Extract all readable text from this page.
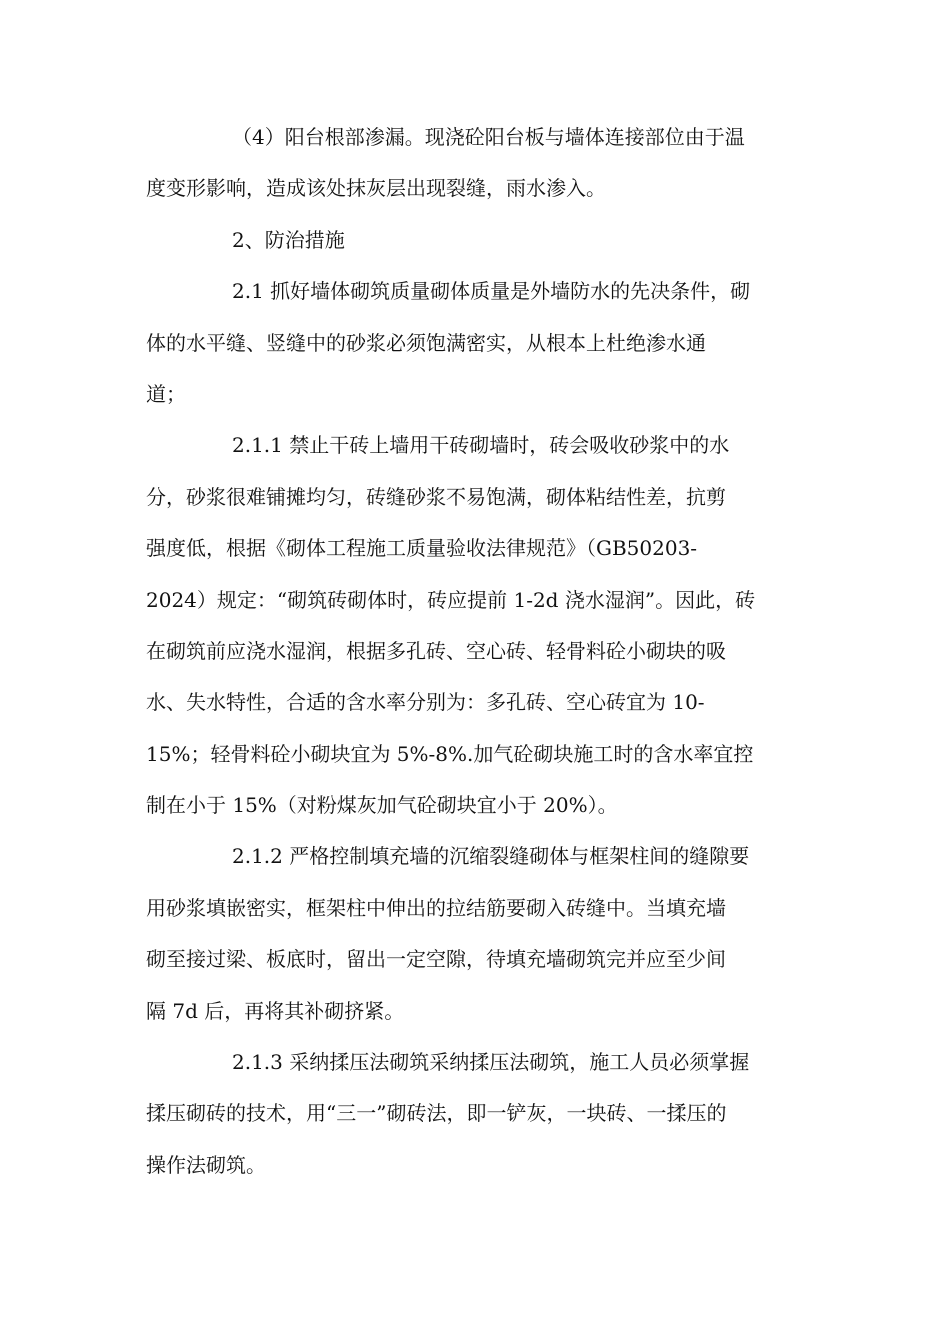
（4）阳台根部渗漏。现浇砼阳台板与墙体连接部位由于温
度变形影响，造成该处抹灰层出现裂缝，雨水渗入。
2、防治措施
2.1 抓好墙体砌筑质量砌体质量是外墙防水的先决条件，砌
体的水平缝、竖缝中的砂浆必须饱满密实，从根本上杜绝渗水通
道；
2.1.1 禁止干砖上墙用干砖砌墙时，砖会吸收砂浆中的水
分，砂浆很难铺摊均匀，砖缝砂浆不易饱满，砌体粘结性差，抗剪
强度低，根据《砌体工程施工质量验收法律规范》（GB50203-
2024）规定：“砌筑砖砌体时，砖应提前 1-2d 浇水湿润”。因此，砖
在砌筑前应浇水湿润，根据多孔砖、空心砖、轻骨料砼小砌块的吸
水、失水特性，合适的含水率分别为：多孔砖、空心砖宜为 10-
15%；轻骨料砼小砌块宜为 5%-8%.加气砼砌块施工时的含水率宜控
制在小于 15%（对粉煤灰加气砼砌块宜小于 20%）。
2.1.2 严格控制填充墙的沉缩裂缝砌体与框架柱间的缝隙要
用砂浆填嵌密实，框架柱中伸出的拉结筋要砌入砖缝中。当填充墙
砌至接过梁、板底时，留出一定空隙，待填充墙砌筑完并应至少间
隔 7d 后，再将其补砌挤紧。
2.1.3 采纳揉压法砌筑采纳揉压法砌筑，施工人员必须掌握
揉压砌砖的技术，用“三一”砌砖法，即一铲灰，一块砖、一揉压的
操作法砌筑。
